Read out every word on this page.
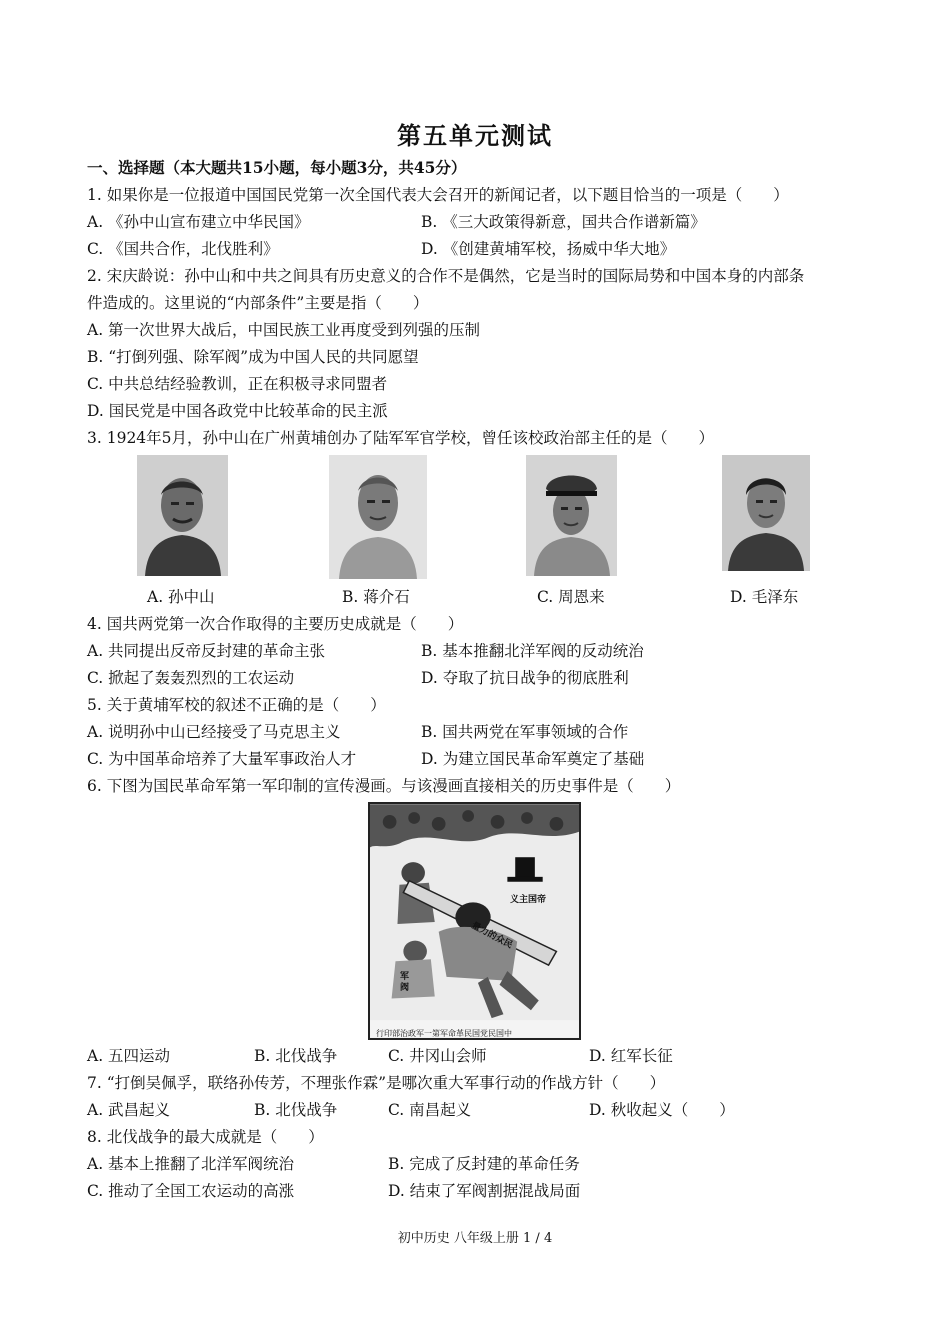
第五单元测试
一、选择题（本大题共15小题，每小题3分，共45分）
1. 如果你是一位报道中国国民党第一次全国代表大会召开的新闻记者，以下题目恰当的一项是（　　）
A. 《孙中山宣布建立中华民国》	B. 《三大政策得新意，国共合作谱新篇》
C. 《国共合作，北伐胜利》	D. 《创建黄埔军校，扬威中华大地》
2. 宋庆龄说：孙中山和中共之间具有历史意义的合作不是偶然，它是当时的国际局势和中国本身的内部条
件造成的。这里说的“内部条件”主要是指（　　）
A. 第一次世界大战后，中国民族工业再度受到列强的压制
B. “打倒列强、除军阀”成为中国人民的共同愿望
C. 中共总结经验教训，正在积极寻求同盟者
D. 国民党是中国各政党中比较革命的民主派
3. 1924年5月，孙中山在广州黄埔创办了陆军军官学校，曾任该校政治部主任的是（　　）
A. 孙中山	B. 蒋介石	C. 周恩来	D. 毛泽东
4. 国共两党第一次合作取得的主要历史成就是（　　）
A. 共同提出反帝反封建的革命主张	B. 基本推翻北洋军阀的反动统治
C. 掀起了轰轰烈烈的工农运动	D. 夺取了抗日战争的彻底胜利
5. 关于黄埔军校的叙述不正确的是（　　）
A. 说明孙中山已经接受了马克思主义	B. 国共两党在军事领域的合作
C. 为中国革命培养了大量军事政治人才	D. 为建立国民革命军奠定了基础
6. 下图为国民革命军第一军印制的宣传漫画。与该漫画直接相关的历史事件是（　　）
义主国帝
量力的众民
军阀
行印部治政军一第军命革民国党民国中
A. 五四运动	B. 北伐战争	C. 井冈山会师	D. 红军长征
7. “打倒吴佩孚，联络孙传芳，不理张作霖”是哪次重大军事行动的作战方针（　　）
A. 武昌起义	B. 北伐战争	C. 南昌起义	D. 秋收起义（　　）
8. 北伐战争的最大成就是（　　）
A. 基本上推翻了北洋军阀统治	B. 完成了反封建的革命任务
C. 推动了全国工农运动的高涨	D. 结束了军阀割据混战局面
初中历史 八年级上册 1 / 4
